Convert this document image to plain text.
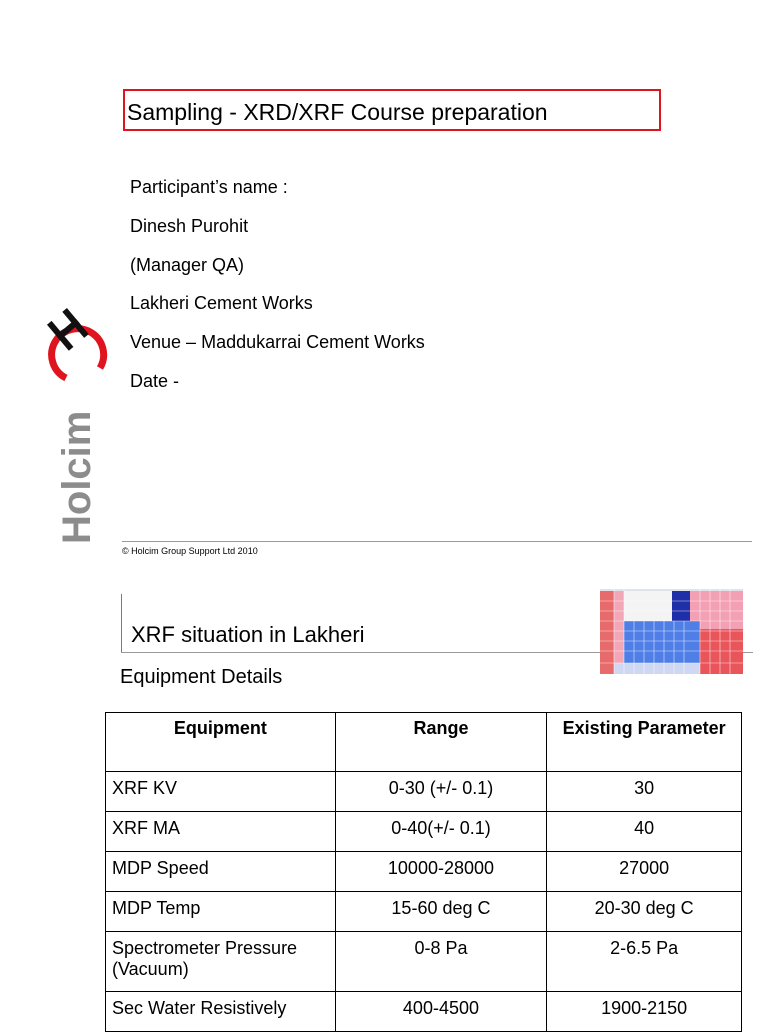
Sampling - XRD/XRF Course preparation
Participant’s name :
Dinesh Purohit
(Manager QA)
Lakheri Cement Works
Venue – Maddukarrai Cement Works
Date -
Holcim
© Holcim Group Support Ltd 2010
XRF situation in Lakheri
Equipment Details
Equipment	Range	Existing Parameter
XRF KV	0-30 (+/- 0.1)	30
XRF MA	0-40(+/- 0.1)	40
MDP Speed	10000-28000	27000
MDP Temp	15-60 deg C	20-30 deg C
Spectrometer Pressure (Vacuum)	0-8 Pa	2-6.5 Pa
Sec Water Resistively	400-4500	1900-2150
